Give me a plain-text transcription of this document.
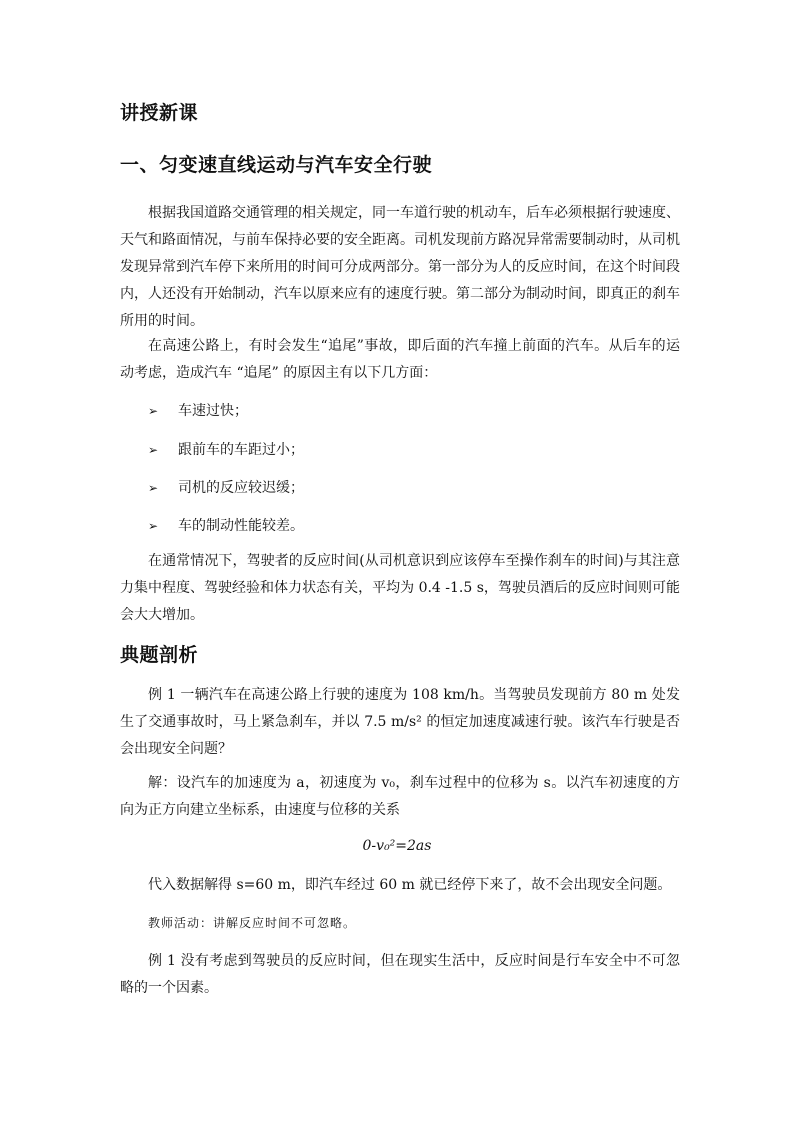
讲授新课
一、匀变速直线运动与汽车安全行驶
根据我国道路交通管理的相关规定，同一车道行驶的机动车，后车必须根据行驶速度、天气和路面情况，与前车保持必要的安全距离。司机发现前方路况异常需要制动时，从司机发现异常到汽车停下来所用的时间可分成两部分。第一部分为人的反应时间，在这个时间段内，人还没有开始制动，汽车以原来应有的速度行驶。第二部分为制动时间，即真正的刹车所用的时间。
在高速公路上，有时会发生“追尾”事故，即后面的汽车撞上前面的汽车。从后车的运动考虑，造成汽车 “追尾” 的原因主有以下几方面：
➢ 车速过快；
➢ 跟前车的车距过小；
➢ 司机的反应较迟缓；
➢ 车的制动性能较差。
在通常情况下，驾驶者的反应时间(从司机意识到应该停车至操作刹车的时间)与其注意力集中程度、驾驶经验和体力状态有关，平均为 0.4 -1.5 s，驾驶员酒后的反应时间则可能会大大增加。
典题剖析
例 1 一辆汽车在高速公路上行驶的速度为 108 km/h。当驾驶员发现前方 80 m 处发生了交通事故时，马上紧急刹车，并以 7.5 m/s² 的恒定加速度减速行驶。该汽车行驶是否会出现安全问题？
解：设汽车的加速度为 a，初速度为 v₀，刹车过程中的位移为 s。以汽车初速度的方向为正方向建立坐标系，由速度与位移的关系
0-v₀²=2as
代入数据解得 s=60 m，即汽车经过 60 m 就已经停下来了，故不会出现安全问题。
教师活动：讲解反应时间不可忽略。
例 1 没有考虑到驾驶员的反应时间，但在现实生活中，反应时间是行车安全中不可忽略的一个因素。
